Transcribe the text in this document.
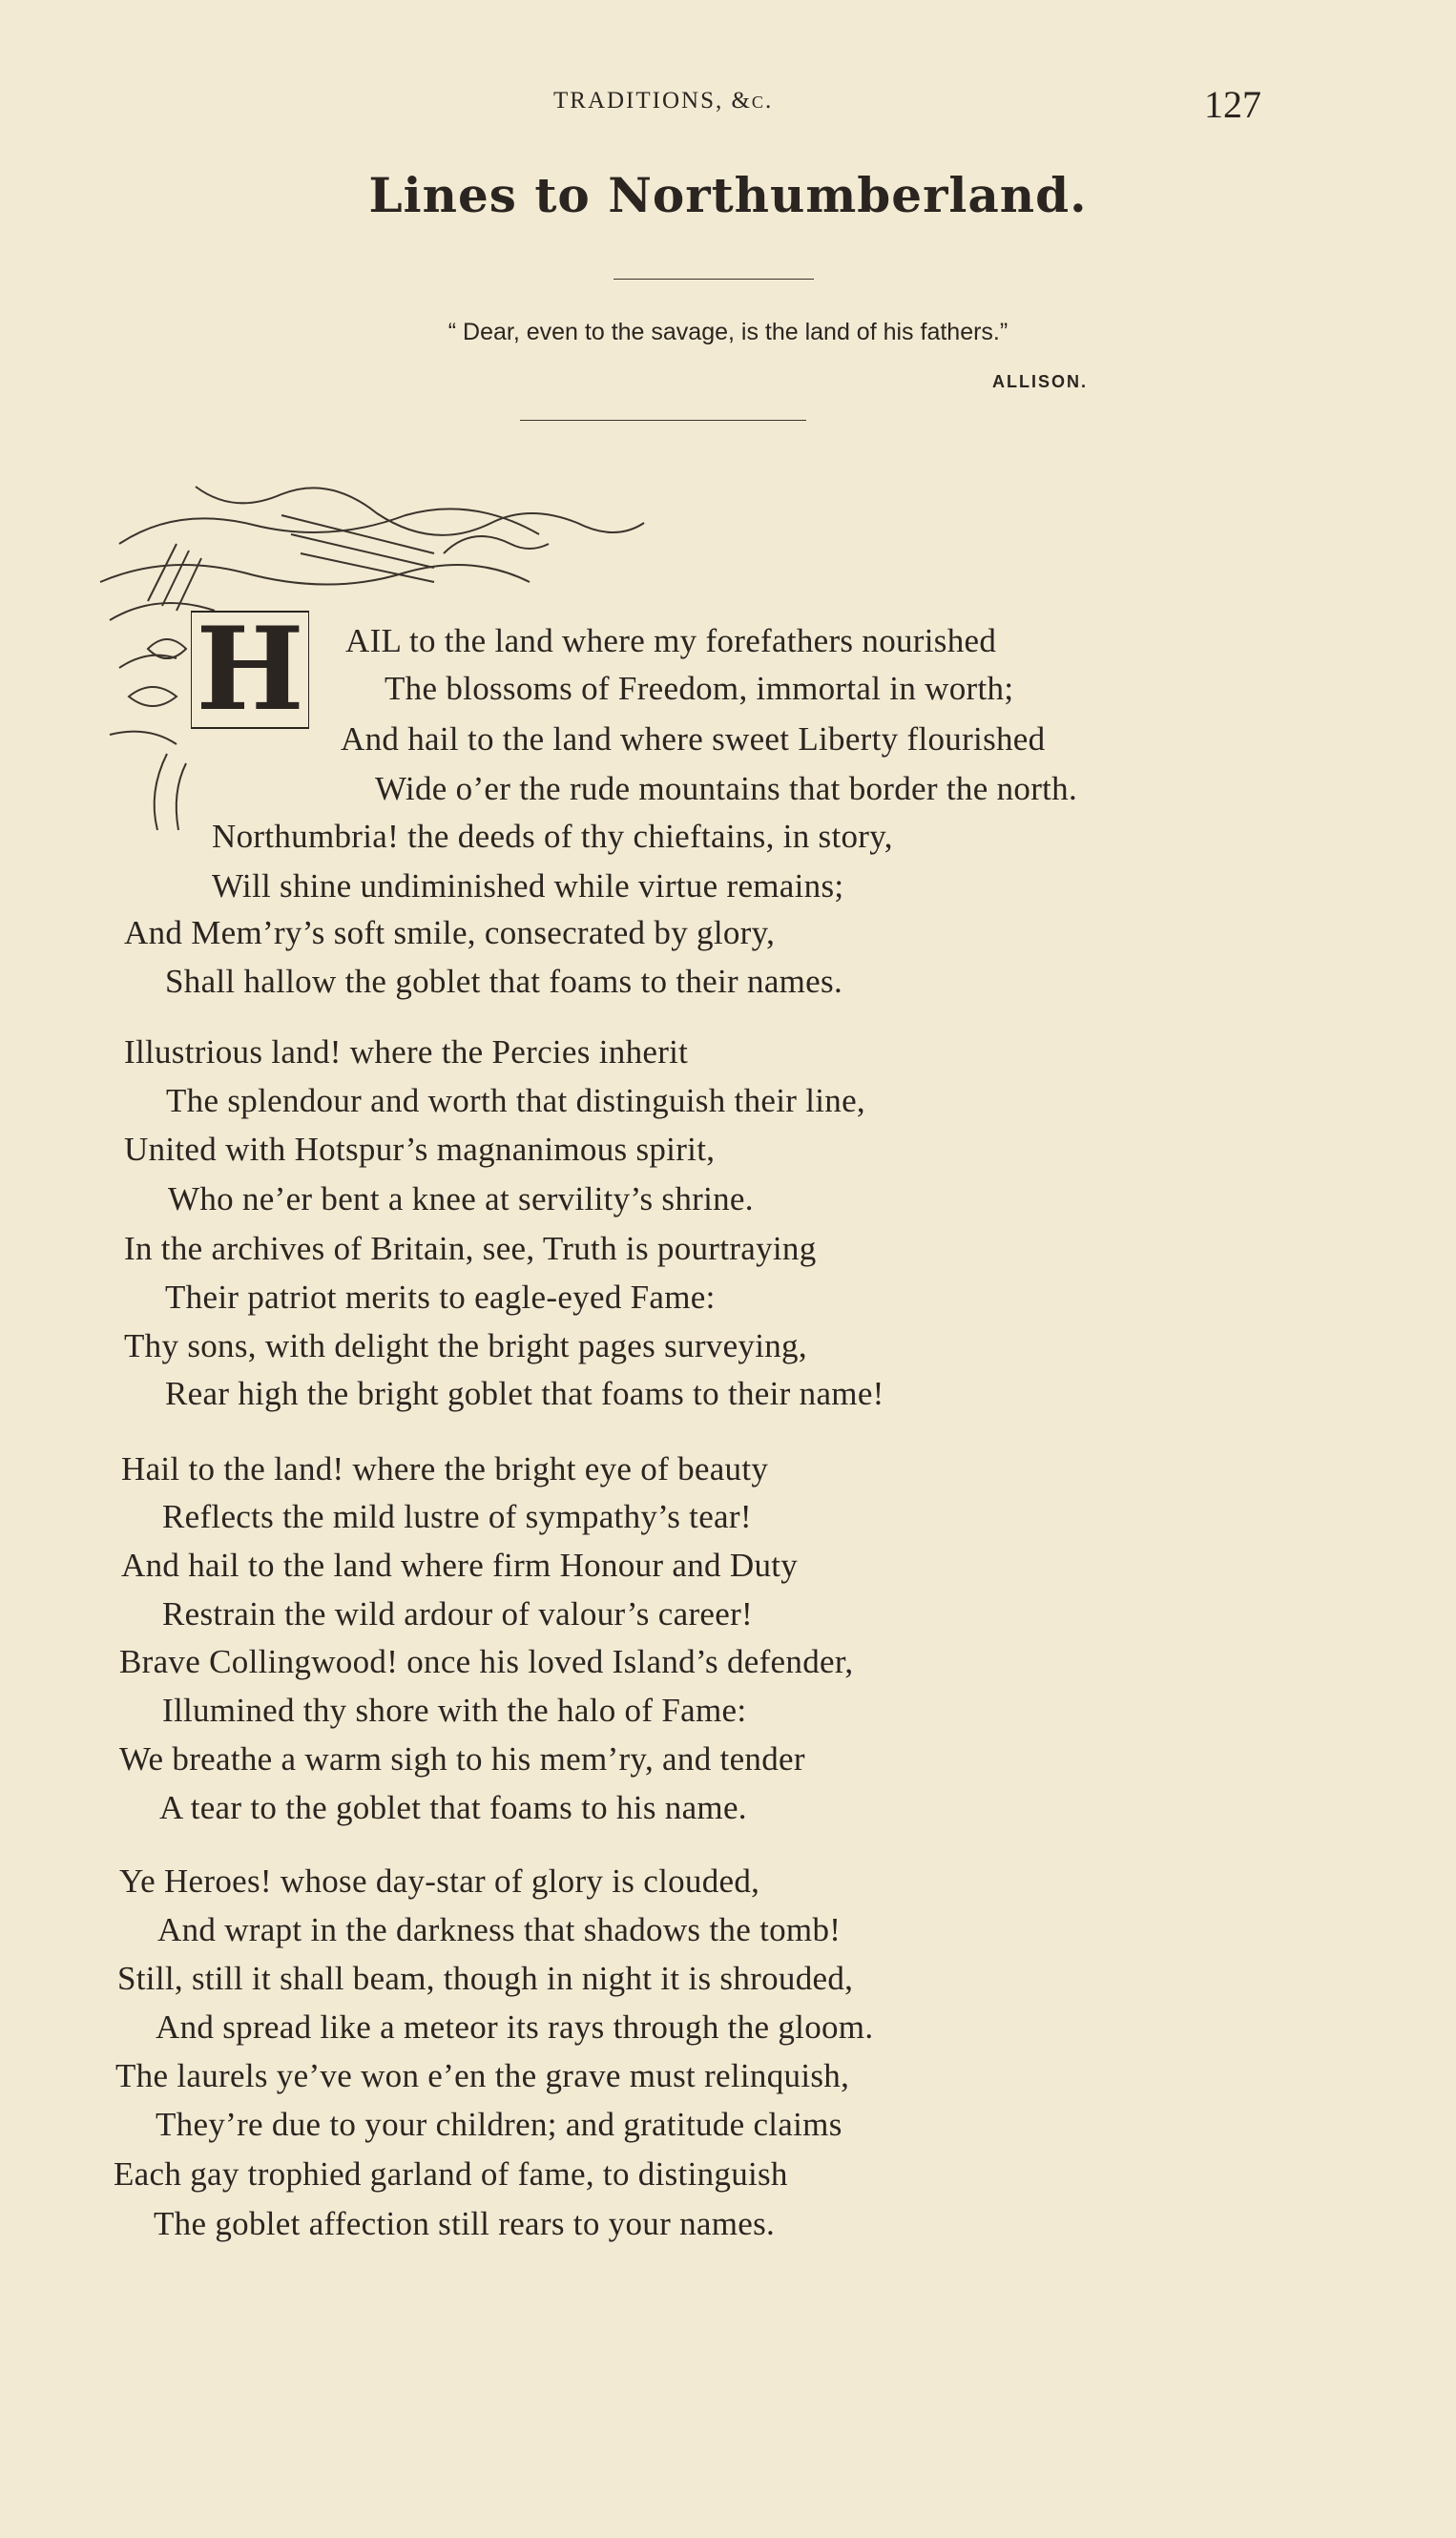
TRADITIONS, &c.	127
Lines to Northumberland.
“ Dear, even to the savage, is the land of his fathers.”
ALLISON.
H AIL to the land where my forefathers nourished
The blossoms of Freedom, immortal in worth;
And hail to the land where sweet Liberty flourished
Wide o’er the rude mountains that border the north.
Northumbria! the deeds of thy chieftains, in story,
Will shine undiminished while virtue remains;
And Mem’ry’s soft smile, consecrated by glory,
Shall hallow the goblet that foams to their names.
Illustrious land! where the Percies inherit
The splendour and worth that distinguish their line,
United with Hotspur’s magnanimous spirit,
Who ne’er bent a knee at servility’s shrine.
In the archives of Britain, see, Truth is pourtraying
Their patriot merits to eagle-eyed Fame:
Thy sons, with delight the bright pages surveying,
Rear high the bright goblet that foams to their name!
Hail to the land! where the bright eye of beauty
Reflects the mild lustre of sympathy’s tear!
And hail to the land where firm Honour and Duty
Restrain the wild ardour of valour’s career!
Brave Collingwood! once his loved Island’s defender,
Illumined thy shore with the halo of Fame:
We breathe a warm sigh to his mem’ry, and tender
A tear to the goblet that foams to his name.
Ye Heroes! whose day-star of glory is clouded,
And wrapt in the darkness that shadows the tomb!
Still, still it shall beam, though in night it is shrouded,
And spread like a meteor its rays through the gloom.
The laurels ye’ve won e’en the grave must relinquish,
They’re due to your children; and gratitude claims
Each gay trophied garland of fame, to distinguish
The goblet affection still rears to your names.
